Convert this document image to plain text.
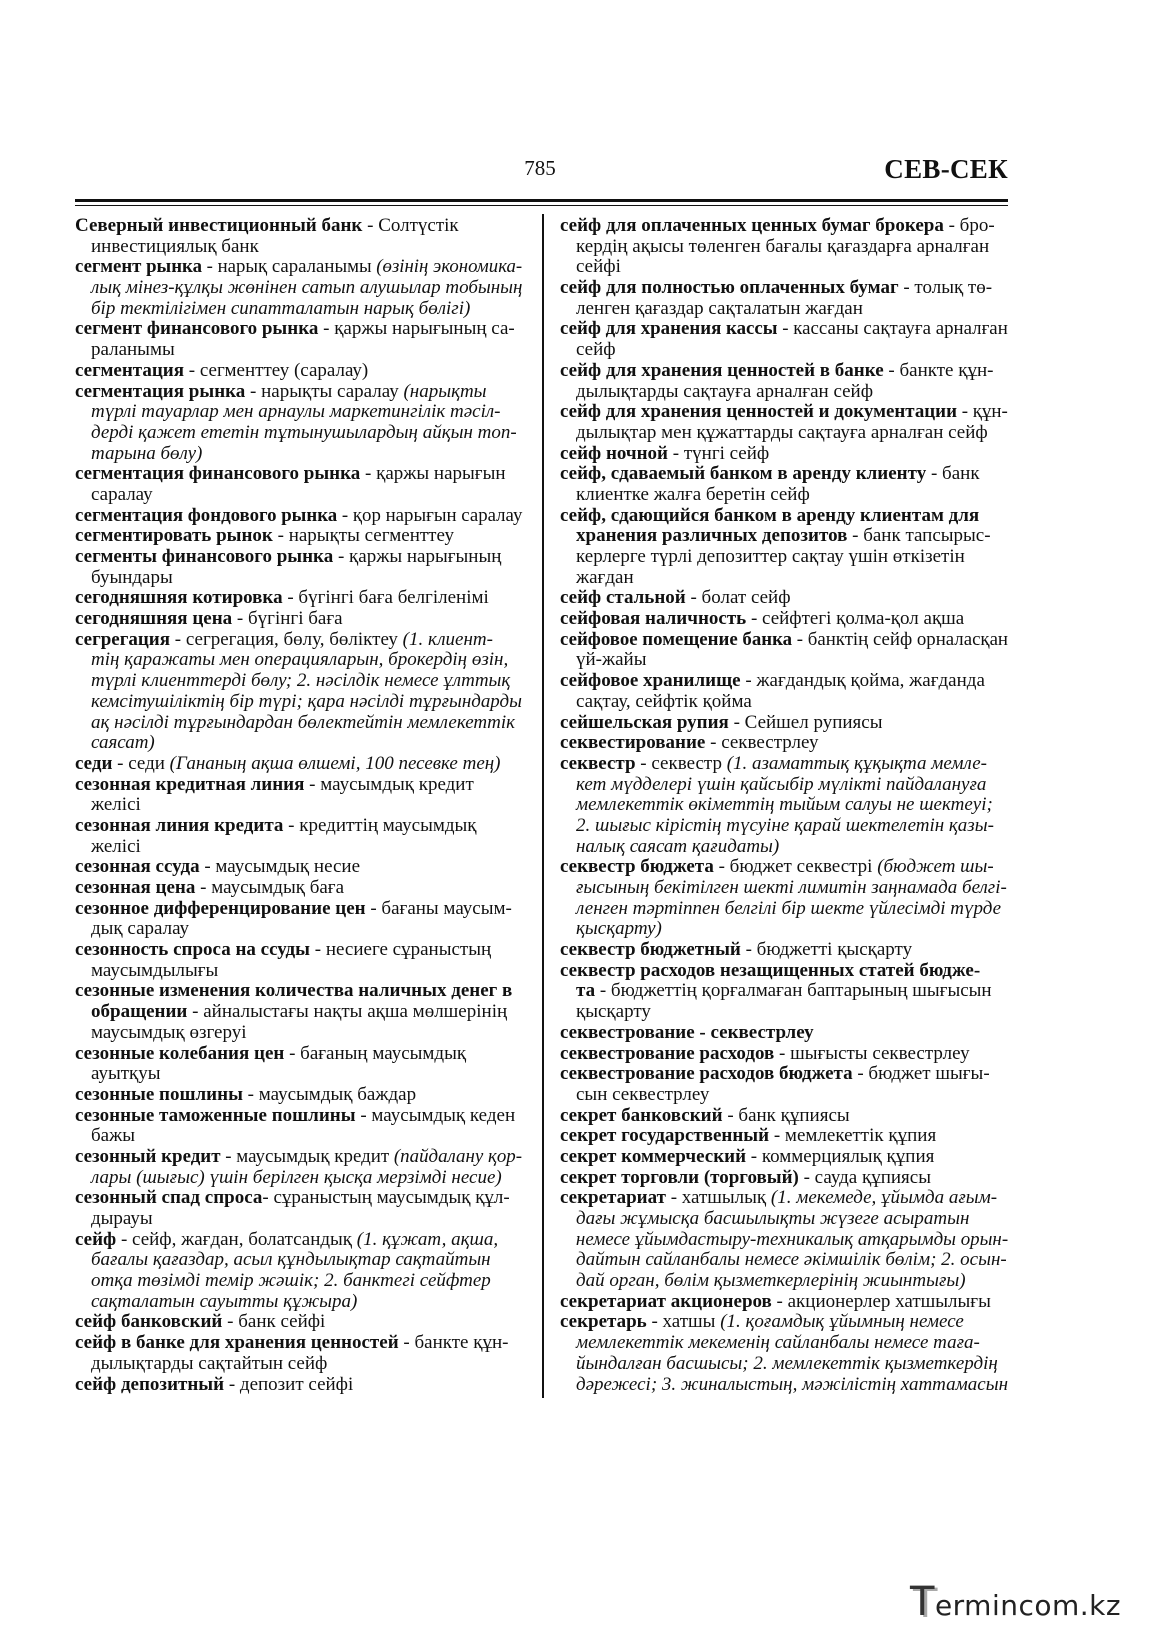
785	СЕВ-СЕК
Северный инвестиционный банк - Солтүстік
инвестициялық банк
сегмент рынка - нарық сараланымы (өзінің экономика-
лық мінез-құлқы жөнінен сатып алушылар тобының
бір тектілігімен сипатталатын нарық бөлігі)
сегмент финансового рынка - қаржы нарығының са-
раланымы
сегментация - сегменттеу (саралау)
сегментация рынка - нарықты саралау (нарықты
түрлі тауарлар мен арнаулы маркетингілік тәсіл-
дерді қажет ететін тұтынушылардың айқын топ-
тарына бөлу)
сегментация финансового рынка - қаржы нарығын
саралау
сегментация фондового рынка - қор нарығын саралау
сегментировать рынок - нарықты сегменттеу
сегменты финансового рынка - қаржы нарығының
буындары
сегодняшняя котировка - бүгінгі баға белгіленімі
сегодняшняя цена - бүгінгі баға
сегрегация - сегрегация, бөлу, бөліктеу (1. клиент-
тің қаражаты мен операцияларын, брокердің өзін,
түрлі клиенттерді бөлу; 2. нәсілдік немесе ұлттық
кемсітушіліктің бір түрі; қара нәсілді тұрғындарды
ақ нәсілді тұрғындардан бөлектейтін мемлекеттік
саясат)
седи - седи (Гананың ақша өлшемі, 100 песевке тең)
сезонная кредитная линия - маусымдық кредит
желісі
сезонная линия кредита - кредиттің маусымдық
желісі
сезонная ссуда - маусымдық несие
сезонная цена - маусымдық баға
сезонное дифференцирование цен - бағаны маусым-
дық саралау
сезонность спроса на ссуды - несиеге сұраныстың
маусымдылығы
сезонные изменения количества наличных денег в
обращении - айналыстағы нақты ақша мөлшерінің
маусымдық өзгеруі
сезонные колебания цен - бағаның маусымдық
ауытқуы
сезонные пошлины - маусымдық баждар
сезонные таможенные пошлины - маусымдық кеден
бажы
сезонный кредит - маусымдық кредит (пайдалану қор-
лары (шығыс) үшін берілген қысқа мерзімді несие)
сезонный спад спроса- сұраныстың маусымдық құл-
дырауы
сейф - сейф, жағдан, болатсандық (1. құжат, ақша,
бағалы қағаздар, асыл құндылықтар сақтайтын
отқа төзімді темір жәшік; 2. банктегі сейфтер
сақталатын сауытты құжыра)
сейф банковский - банк сейфі
сейф в банке для хранения ценностей - банкте құн-
дылықтарды сақтайтын сейф
сейф депозитный - депозит сейфі
сейф для оплаченных ценных бумаг брокера - бро-
кердің ақысы төленген бағалы қағаздарға арналған
сейфі
сейф для полностью оплаченных бумаг - толық тө-
ленген қағаздар сақталатын жағдан
сейф для хранения кассы - кассаны сақтауға арналған
сейф
сейф для хранения ценностей в банке - банкте құн-
дылықтарды сақтауға арналған сейф
сейф для хранения ценностей и документации - құн-
дылықтар мен құжаттарды сақтауға арналған сейф
сейф ночной - түнгі сейф
сейф, сдаваемый банком в аренду клиенту - банк
клиентке жалға беретін сейф
сейф, сдающийся банком в аренду клиентам для
хранения различных депозитов - банк тапсырыс-
керлерге түрлі депозиттер сақтау үшін өткізетін
жағдан
сейф стальной - болат сейф
сейфовая наличность - сейфтегі қолма-қол ақша
сейфовое помещение банка - банктің сейф орналасқан
үй-жайы
сейфовое хранилище - жағдандық қойма, жағданда
сақтау, сейфтік қойма
сейшельская рупия - Сейшел рупиясы
секвестирование - секвестрлеу
секвестр - секвестр (1. азаматтық құқықта мемле-
кет мүдделері үшін қайсыбір мүлікті пайдалануға
мемлекеттік өкіметтің тыйым салуы не шектеуі;
2. шығыс кірістің түсуіне қарай шектелетін қазы-
налық саясат қағидаты)
секвестр бюджета - бюджет секвестрі (бюджет шы-
ғысының бекітілген шекті лимитін заңнамада белгі-
ленген тәртіппен белгілі бір шекте үйлесімді түрде
қысқарту)
секвестр бюджетный - бюджетті қысқарту
секвестр расходов незащищенных статей бюдже-
та - бюджеттің қорғалмаған баптарының шығысын
қысқарту
секвестрование - секвестрлеу
секвестрование расходов - шығысты секвестрлеу
секвестрование расходов бюджета - бюджет шығы-
сын секвестрлеу
секрет банковский - банк құпиясы
секрет государственный - мемлекеттік құпия
секрет коммерческий - коммерциялық құпия
секрет торговли (торговый) - сауда құпиясы
секретариат - хатшылық (1. мекемеде, ұйымда ағым-
дағы жұмысқа басшылықты жүзеге асыратын
немесе ұйымдастыру-техникалық атқарымды орын-
дайтын сайланбалы немесе әкімшілік бөлім; 2. осын-
дай орган, бөлім қызметкерлерінің жиынтығы)
секретариат акционеров - акционерлер хатшылығы
секретарь - хатшы (1. қоғамдық ұйымның немесе
мемлекеттік мекеменің сайланбалы немесе таға-
йындалған басшысы; 2. мемлекеттік қызметкердің
дәрежесі; 3. жиналыстың, мәжілістің хаттамасын
Termincom.kz
